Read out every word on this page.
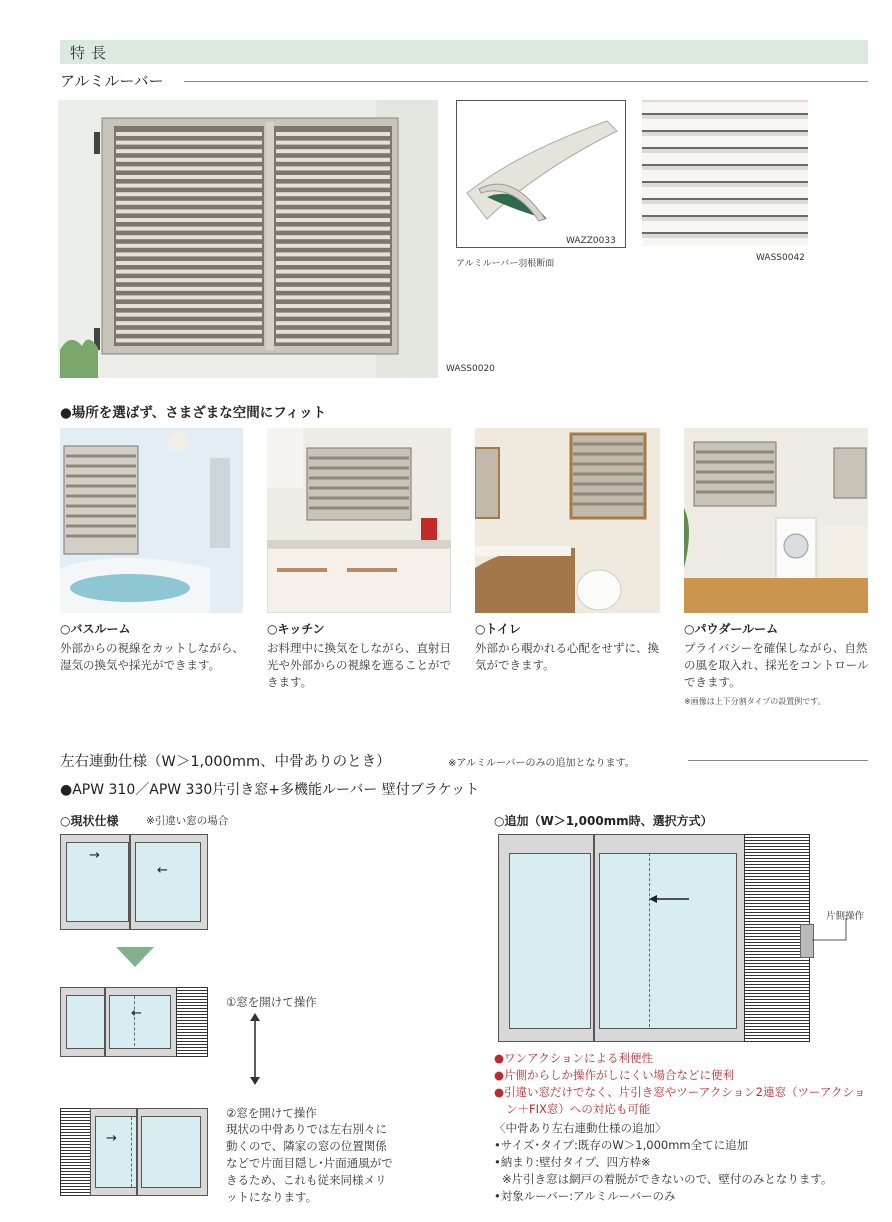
特長
アルミルーバー
WASS0020
WAZZ0033
アルミルーバー羽根断面
WASS0042
●場所を選ばず、さまざまな空間にフィット
○バスルーム
外部からの視線をカットしながら、湿気の換気や採光ができます。
○キッチン
お料理中に換気をしながら、直射日光や外部からの視線を遮ることができます。
○トイレ
外部から覗かれる心配をせずに、換気ができます。
○パウダールーム
プライバシーを確保しながら、自然の風を取入れ、採光をコントロールできます。
※画像は上下分割タイプの設置例です。
左右連動仕様（W＞1,000mm、中骨ありのとき）	※アルミルーバーのみの追加となります。
●APW 310／APW 330片引き窓+多機能ルーバー 壁付ブラケット
○現状仕様	※引違い窓の場合
→
←
←
①窓を開けて操作
→
②窓を開けて操作
現状の中骨ありでは左右別々に動くので、隣家の窓の位置関係などで片面目隠し･片面通風ができるため、これも従来同様メリットになります。
○追加（W＞1,000mm時、選択方式）
片側操作
●ワンアクションによる利便性
●片側からしか操作がしにくい場合などに便利
●引違い窓だけでなく、片引き窓やツーアクション2連窓（ツーアクション＋FIX窓）への対応も可能
〈中骨あり左右連動仕様の追加〉
•サイズ･タイプ:既存のW＞1,000mm全てに追加
•納まり:壁付タイプ、四方枠※
※片引き窓は網戸の着脱ができないので、壁付のみとなります。
•対象ルーバー:アルミルーバーのみ
